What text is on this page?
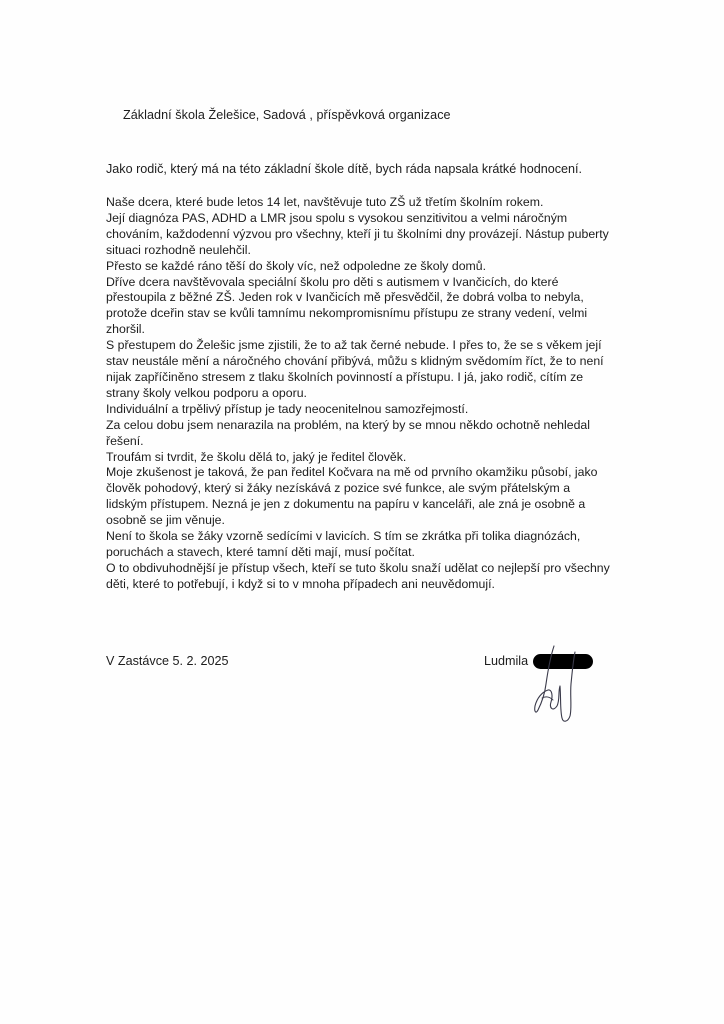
Základní škola Želešice, Sadová , příspěvková organizace
Jako rodič, který má na této základní škole dítě, bych ráda napsala krátké hodnocení.
Naše dcera, které bude letos 14 let, navštěvuje tuto ZŠ už třetím školním rokem.
Její diagnóza PAS, ADHD a LMR jsou spolu s vysokou senzitivitou a velmi náročným
chováním, každodenní výzvou pro všechny, kteří ji tu školními dny provázejí. Nástup puberty
situaci rozhodně neulehčil.
Přesto se každé ráno těší do školy víc, než odpoledne ze školy domů.
Dříve dcera navštěvovala speciální školu pro děti s autismem v Ivančicích, do které
přestoupila z běžné ZŠ. Jeden rok v Ivančicích mě přesvědčil, že dobrá volba to nebyla,
protože dceřin stav se kvůli tamnímu nekompromisnímu přístupu ze strany vedení, velmi
zhoršil.
S přestupem do Želešic jsme zjistili, že to až tak černé nebude. I přes to, že se s věkem její
stav neustále mění a náročného chování přibývá, můžu s klidným svědomím říct, že to není
nijak zapříčiněno stresem z tlaku školních povinností a přístupu. I já, jako rodič, cítím ze
strany školy velkou podporu a oporu.
Individuální a trpělivý přístup je tady neocenitelnou samozřejmostí.
Za celou dobu jsem nenarazila na problém, na který by se mnou někdo ochotně nehledal
řešení.
Troufám si tvrdit, že školu dělá to, jaký je ředitel člověk.
Moje zkušenost je taková, že pan ředitel Kočvara na mě od prvního okamžiku působí, jako
člověk pohodový, který si žáky nezískává z pozice své funkce, ale svým přátelským a
lidským přístupem. Nezná je jen z dokumentu na papíru v kanceláři, ale zná je osobně a
osobně se jim věnuje.
Není to škola se žáky vzorně sedícími v lavicích. S tím se zkrátka při tolika diagnózách,
poruchách a stavech, které tamní děti mají, musí počítat.
O to obdivuhodnější je přístup všech, kteří se tuto školu snaží udělat co nejlepší pro všechny
děti, které to potřebují, i když si to v mnoha případech ani neuvědomují.
V Zastávce 5. 2. 2025	Ludmila
